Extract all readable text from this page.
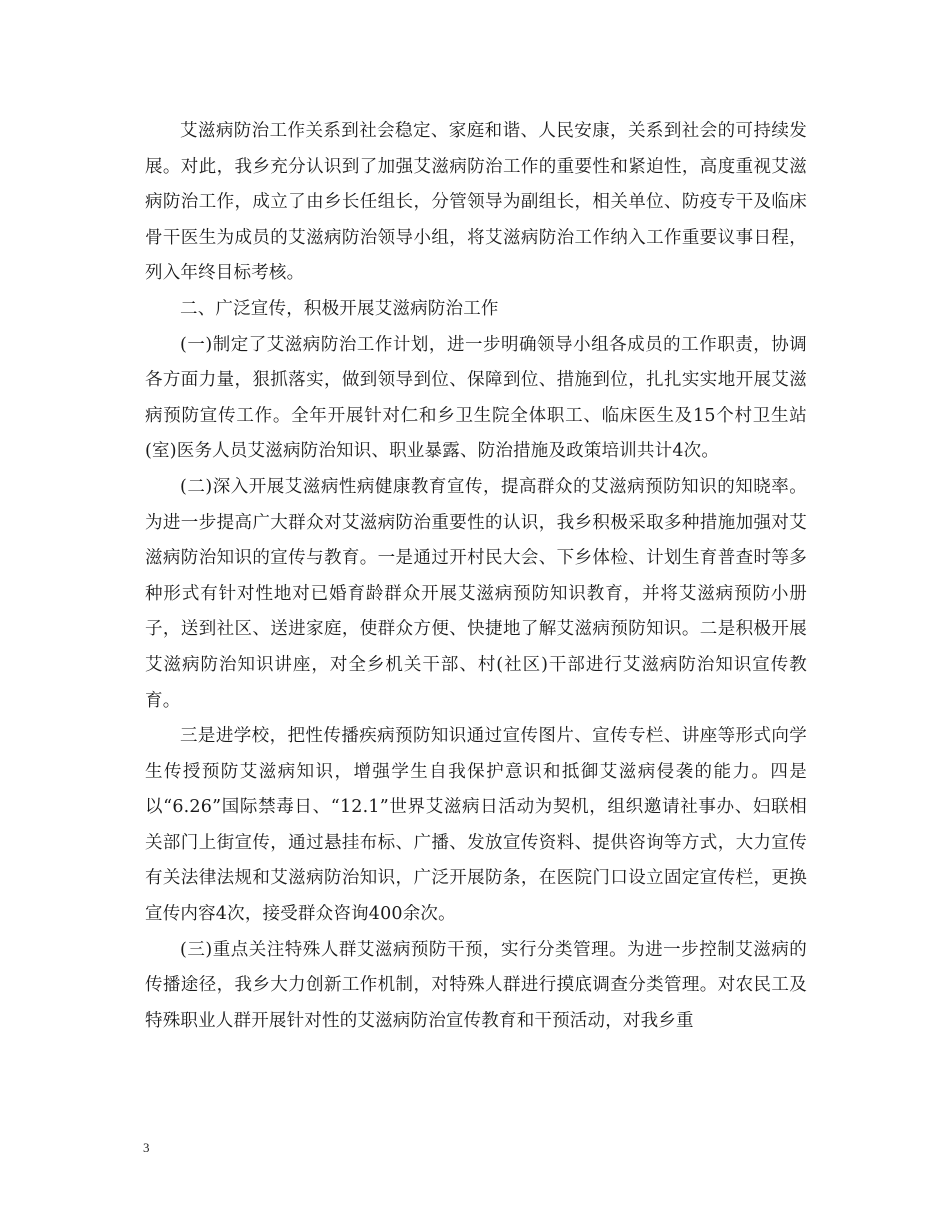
艾滋病防治工作关系到社会稳定、家庭和谐、人民安康，关系到社会的可持续发展。对此，我乡充分认识到了加强艾滋病防治工作的重要性和紧迫性，高度重视艾滋病防治工作，成立了由乡长任组长，分管领导为副组长，相关单位、防疫专干及临床骨干医生为成员的艾滋病防治领导小组，将艾滋病防治工作纳入工作重要议事日程，列入年终目标考核。

二、广泛宣传，积极开展艾滋病防治工作

(一)制定了艾滋病防治工作计划，进一步明确领导小组各成员的工作职责，协调各方面力量，狠抓落实，做到领导到位、保障到位、措施到位，扎扎实实地开展艾滋病预防宣传工作。全年开展针对仁和乡卫生院全体职工、临床医生及15个村卫生站(室)医务人员艾滋病防治知识、职业暴露、防治措施及政策培训共计4次。

(二)深入开展艾滋病性病健康教育宣传，提高群众的艾滋病预防知识的知晓率。为进一步提高广大群众对艾滋病防治重要性的认识，我乡积极采取多种措施加强对艾滋病防治知识的宣传与教育。一是通过开村民大会、下乡体检、计划生育普查时等多种形式有针对性地对已婚育龄群众开展艾滋病预防知识教育，并将艾滋病预防小册子，送到社区、送进家庭，使群众方便、快捷地了解艾滋病预防知识。二是积极开展艾滋病防治知识讲座，对全乡机关干部、村(社区)干部进行艾滋病防治知识宣传教育。

三是进学校，把性传播疾病预防知识通过宣传图片、宣传专栏、讲座等形式向学生传授预防艾滋病知识，增强学生自我保护意识和抵御艾滋病侵袭的能力。四是以“6.26”国际禁毒日、“12.1”世界艾滋病日活动为契机，组织邀请社事办、妇联相关部门上街宣传，通过悬挂布标、广播、发放宣传资料、提供咨询等方式，大力宣传有关法律法规和艾滋病防治知识，广泛开展防条，在医院门口设立固定宣传栏，更换宣传内容4次，接受群众咨询400余次。

(三)重点关注特殊人群艾滋病预防干预，实行分类管理。为进一步控制艾滋病的传播途径，我乡大力创新工作机制，对特殊人群进行摸底调查分类管理。对农民工及特殊职业人群开展针对性的艾滋病防治宣传教育和干预活动，对我乡重

3
